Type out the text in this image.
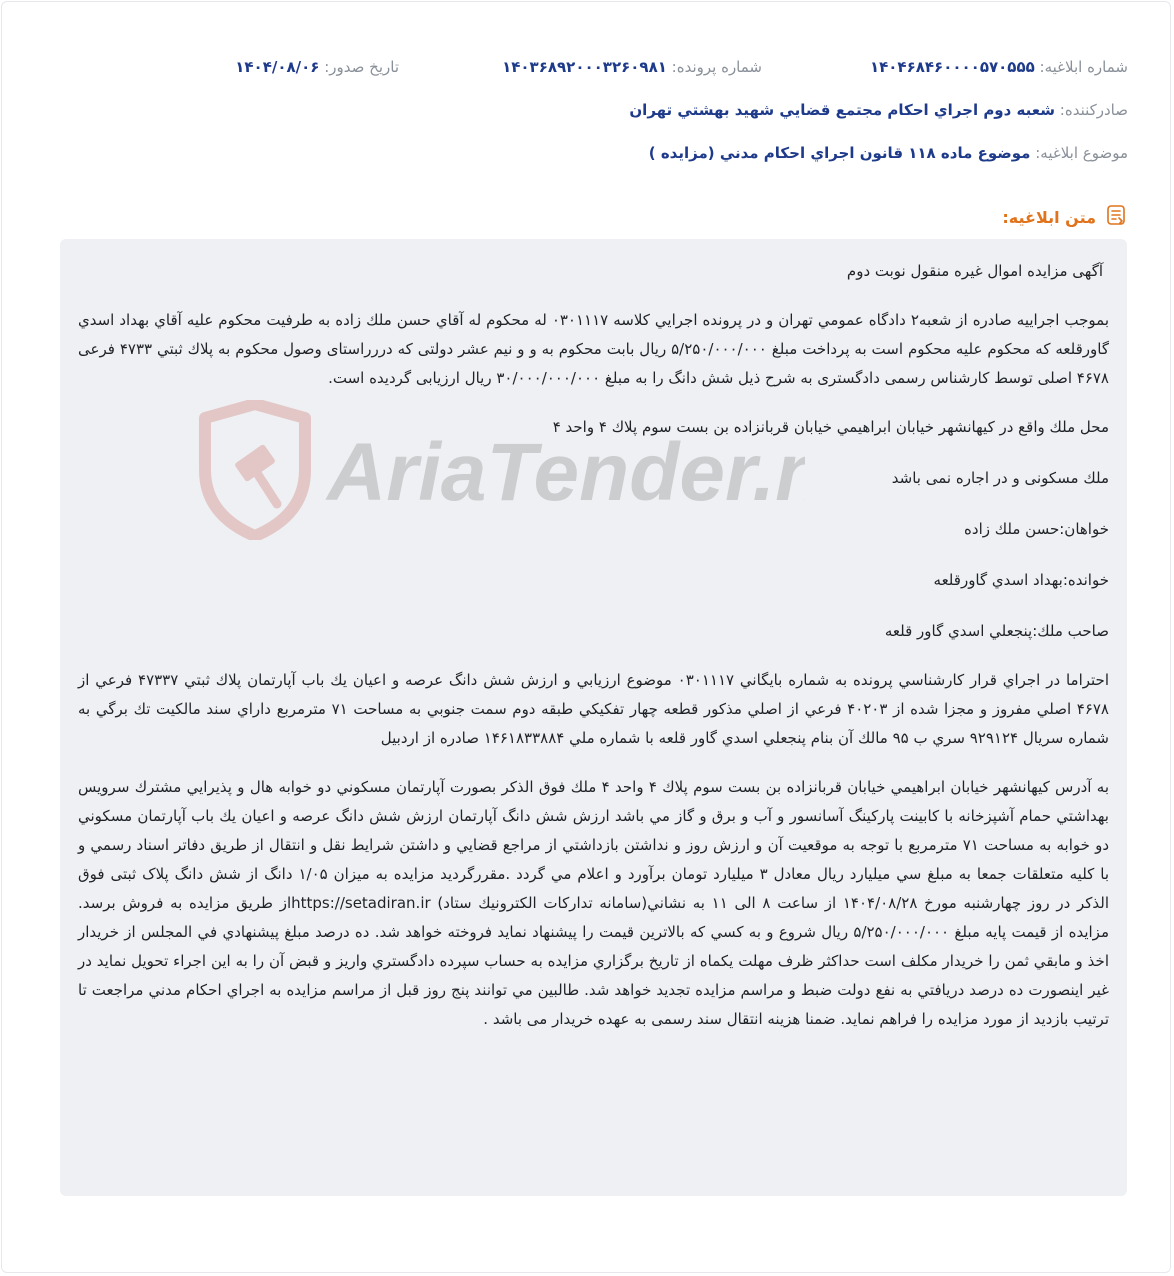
شماره ابلاغیه: ۱۴۰۴۶۸۴۶۰۰۰۰۵۷۰۵۵۵
شماره پرونده: ۱۴۰۳۶۸۹۲۰۰۰۳۲۶۰۹۸۱
تاریخ صدور: ۱۴۰۴/۰۸/۰۶
صادرکننده: شعبه دوم اجراي احكام مجتمع قضايي شهيد بهشتي تهران
موضوع ابلاغیه: موضوع ماده ۱۱۸ قانون اجراي احكام مدني (مزايده )
متن ابلاغیه:

آگهی مزایده اموال غیره منقول نوبت دوم

بموجب اجراييه صادره از شعبه۲ دادگاه عمومي تهران و در پرونده اجرايي كلاسه ۰۳۰۱۱۱۷ له محكوم له آقاي حسن ملك زاده به طرفيت محكوم عليه آقاي بهداد اسدي گاورقلعه كه محكوم عليه محكوم است به پرداخت مبلغ ۵/۲۵۰/۰۰۰/۰۰۰ ريال بابت محكوم به و و نيم عشر دولتی كه دررراستای وصول محكوم به پلاك ثبتي ۴۷۳۳ فرعی ۴۶۷۸ اصلی توسط كارشناس رسمی دادگستری به شرح ذيل شش دانگ را به مبلغ ۳۰/۰۰۰/۰۰۰/۰۰۰ ريال ارزيابی گرديده است.

محل ملك واقع در كيهانشهر خيابان ابراهيمي خيابان قربانزاده بن بست سوم پلاك ۴ واحد ۴

ملك مسكونی و در اجاره نمی باشد

خواهان:حسن ملك زاده

خوانده:بهداد اسدي گاورقلعه

صاحب ملك:پنجعلي اسدي گاور قلعه

احتراما در اجراي قرار كارشناسي پرونده به شماره بايگاني ۰۳۰۱۱۱۷ موضوع ارزيابي و ارزش شش دانگ عرصه و اعيان يك باب آپارتمان پلاك ثبتي ۴۷۳۳۷ فرعي از ۴۶۷۸ اصلي مفروز و مجزا شده از ۴۰۲۰۳ فرعي از اصلي مذكور قطعه چهار تفكيكي طبقه دوم سمت جنوبي به مساحت ۷۱ مترمربع داراي سند مالكيت تك برگي به شماره سريال ۹۲۹۱۲۴ سري ب ۹۵ مالك آن بنام پنجعلي اسدي گاور قلعه با شماره ملي ۱۴۶۱۸۳۳۸۸۴ صادره از اردبيل

به آدرس كيهانشهر خيابان ابراهيمي خيابان قربانزاده بن بست سوم پلاك ۴ واحد ۴ ملك فوق الذكر بصورت آپارتمان مسكوني دو خوابه هال و پذيرايي مشترك سرويس بهداشتي حمام آشپزخانه با كابينت پاركينگ آسانسور و آب و برق و گاز مي باشد ارزش شش دانگ آپارتمان ارزش شش دانگ عرصه و اعيان يك باب آپارتمان مسكوني دو خوابه به مساحت ۷۱ مترمربع با توجه به موقعيت آن و ارزش روز و نداشتن بازداشتي از مراجع قضايي و داشتن شرايط نقل و انتقال از طريق دفاتر اسناد رسمي و با كليه متعلقات جمعا به مبلغ سي ميليارد ريال معادل ۳ ميليارد تومان برآورد و اعلام مي گردد .مقررگرديد مزايده به ميزان ۱/۰۵ دانگ از شش دانگ پلاک ثبتی فوق الذکر در روز چهارشنبه مورخ ۱۴۰۴/۰۸/۲۸ از ساعت ۸ الی ۱۱ به نشاني(سامانه تداركات الكترونيك ستاد) https://setadiran.irاز طريق مزايده به فروش برسد. مزايده از قيمت پايه مبلغ ۵/۲۵۰/۰۰۰/۰۰۰ ريال شروع و به كسي كه بالاترين قيمت را پيشنهاد نمايد فروخته خواهد شد. ده درصد مبلغ پيشنهادي في المجلس از خريدار اخذ و مابقي ثمن را خريدار مكلف است حداكثر ظرف مهلت يكماه از تاريخ برگزاري مزايده به حساب سپرده دادگستري واريز و قبض آن را به اين اجراء تحويل نمايد در غير اينصورت ده درصد دريافتي به نفع دولت ضبط و مراسم مزايده تجديد خواهد شد. طالبين مي توانند پنج روز قبل از مراسم مزايده به اجراي احكام مدني مراجعت تا ترتيب بازديد از مورد مزايده را فراهم نمايد. ضمنا هزينه انتقال سند رسمی به عهده خريدار می باشد .

AriaTender.
